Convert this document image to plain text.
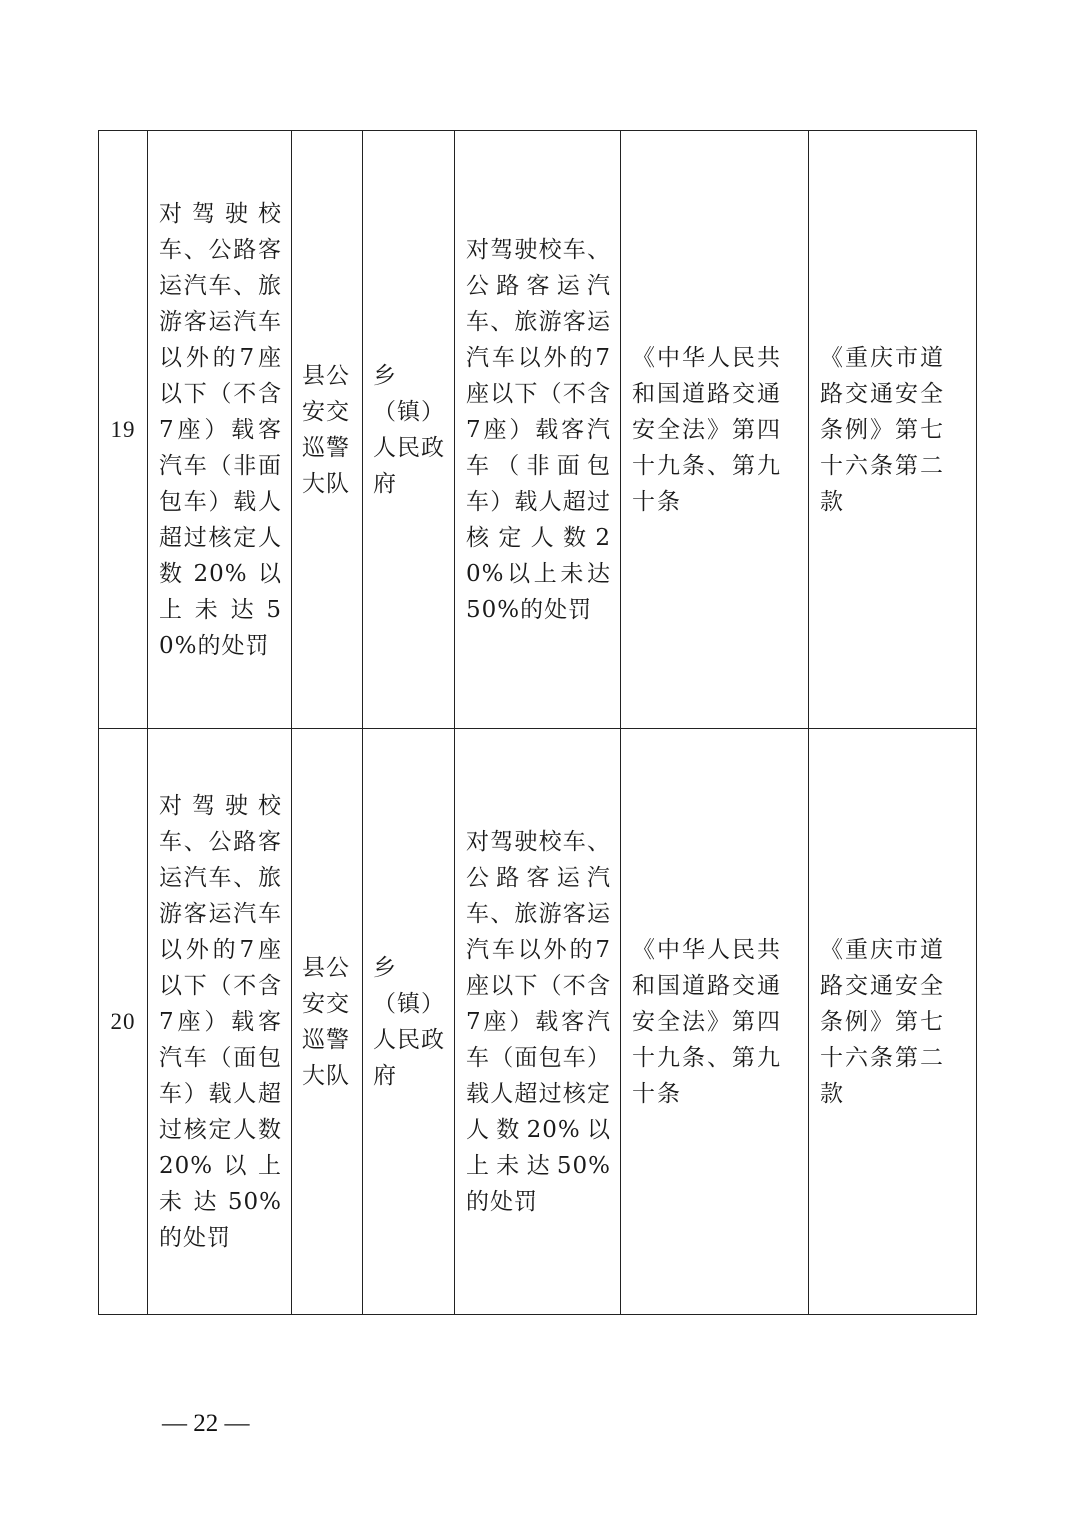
19	对驾驶校车、公路客运汽车、旅游客运汽车以外的7座以下（不含7座）载客汽车（非面包车）载人超过核定人数20%以上未达50%的处罚	县公安交巡警大队	乡（镇）人民政府	对驾驶校车、公路客运汽车、旅游客运汽车以外的7座以下（不含7座）载客汽车（非面包车）载人超过核定人数20%以上未达50%的处罚	《中华人民共和国道路交通安全法》第四十九条、第九十条	《重庆市道路交通安全条例》第七十六条第二款

20	对驾驶校车、公路客运汽车、旅游客运汽车以外的7座以下（不含7座）载客汽车（面包车）载人超过核定人数20%以上未达50%的处罚	县公安交巡警大队	乡（镇）人民政府	对驾驶校车、公路客运汽车、旅游客运汽车以外的7座以下（不含7座）载客汽车（面包车）载人超过核定人数20%以上未达50%的处罚	《中华人民共和国道路交通安全法》第四十九条、第九十条	《重庆市道路交通安全条例》第七十六条第二款
— 22 —
